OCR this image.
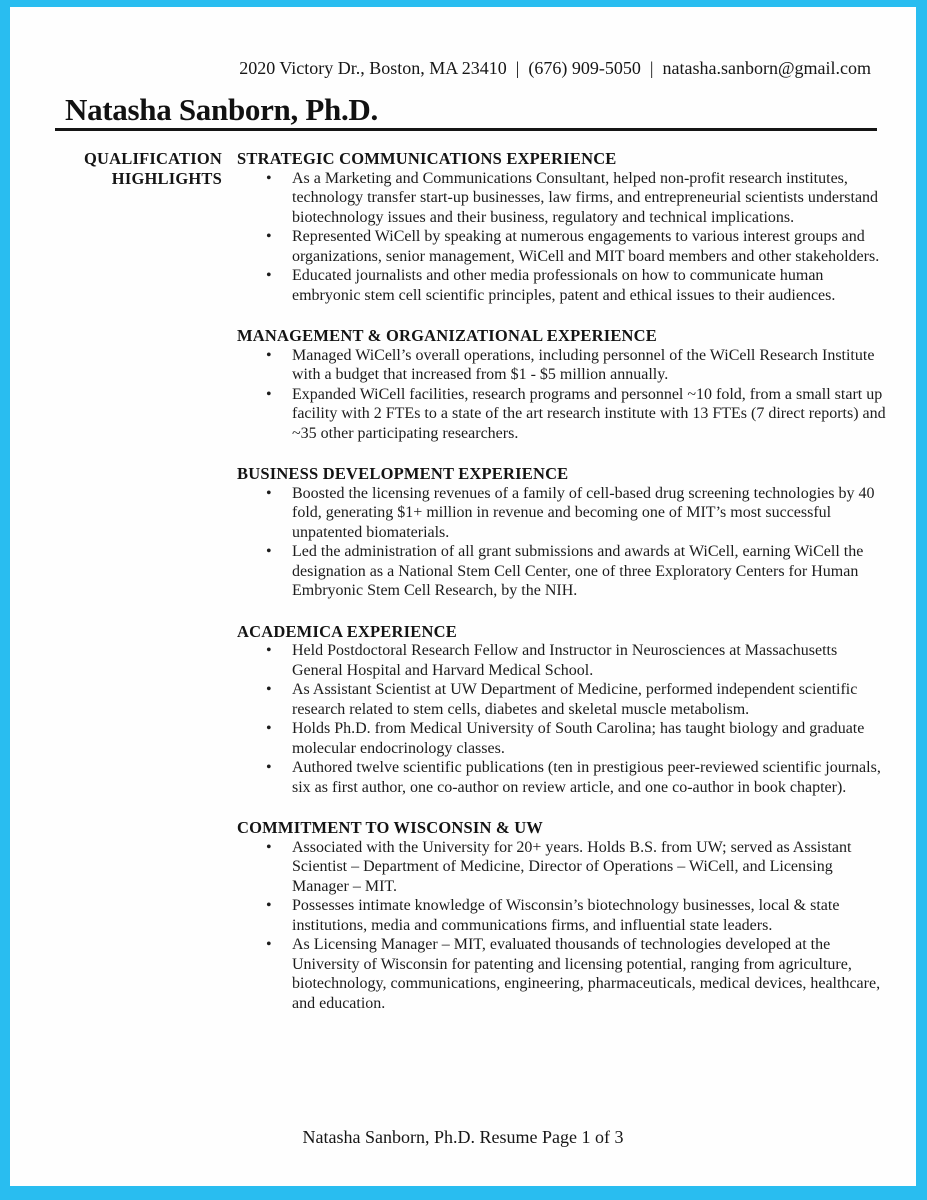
2020 Victory Dr., Boston, MA 23410  |  (676) 909-5050  |  natasha.sanborn@gmail.com
Natasha Sanborn, Ph.D.
QUALIFICATION
HIGHLIGHTS
STRATEGIC COMMUNICATIONS EXPERIENCE
• As a Marketing and Communications Consultant, helped non-profit research institutes, technology transfer start-up businesses, law firms, and entrepreneurial scientists understand biotechnology issues and their business, regulatory and technical implications.
• Represented WiCell by speaking at numerous engagements to various interest groups and organizations, senior management, WiCell and MIT board members and other stakeholders.
• Educated journalists and other media professionals on how to communicate human embryonic stem cell scientific principles, patent and ethical issues to their audiences.
MANAGEMENT & ORGANIZATIONAL EXPERIENCE
• Managed WiCell’s overall operations, including personnel of the WiCell Research Institute with a budget that increased from $1 - $5 million annually.
• Expanded WiCell facilities, research programs and personnel ~10 fold, from a small start up facility with 2 FTEs to a state of the art research institute with 13 FTEs (7 direct reports) and ~35 other participating researchers.
BUSINESS DEVELOPMENT EXPERIENCE
• Boosted the licensing revenues of a family of cell-based drug screening technologies by 40 fold, generating $1+ million in revenue and becoming one of MIT’s most successful unpatented biomaterials.
• Led the administration of all grant submissions and awards at WiCell, earning WiCell the designation as a National Stem Cell Center, one of three Exploratory Centers for Human Embryonic Stem Cell Research, by the NIH.
ACADEMICA EXPERIENCE
• Held Postdoctoral Research Fellow and Instructor in Neurosciences at Massachusetts General Hospital and Harvard Medical School.
• As Assistant Scientist at UW Department of Medicine, performed independent scientific research related to stem cells, diabetes and skeletal muscle metabolism.
• Holds Ph.D. from Medical University of South Carolina; has taught biology and graduate molecular endocrinology classes.
• Authored twelve scientific publications (ten in prestigious peer-reviewed scientific journals, six as first author, one co-author on review article, and one co-author in book chapter).
COMMITMENT TO WISCONSIN & UW
• Associated with the University for 20+ years. Holds B.S. from UW; served as Assistant Scientist – Department of Medicine, Director of Operations – WiCell, and Licensing Manager – MIT.
• Possesses intimate knowledge of Wisconsin’s biotechnology businesses, local & state institutions, media and communications firms, and influential state leaders.
• As Licensing Manager – MIT, evaluated thousands of technologies developed at the University of Wisconsin for patenting and licensing potential, ranging from agriculture, biotechnology, communications, engineering, pharmaceuticals, medical devices, healthcare, and education.
Natasha Sanborn, Ph.D. Resume Page 1 of 3
